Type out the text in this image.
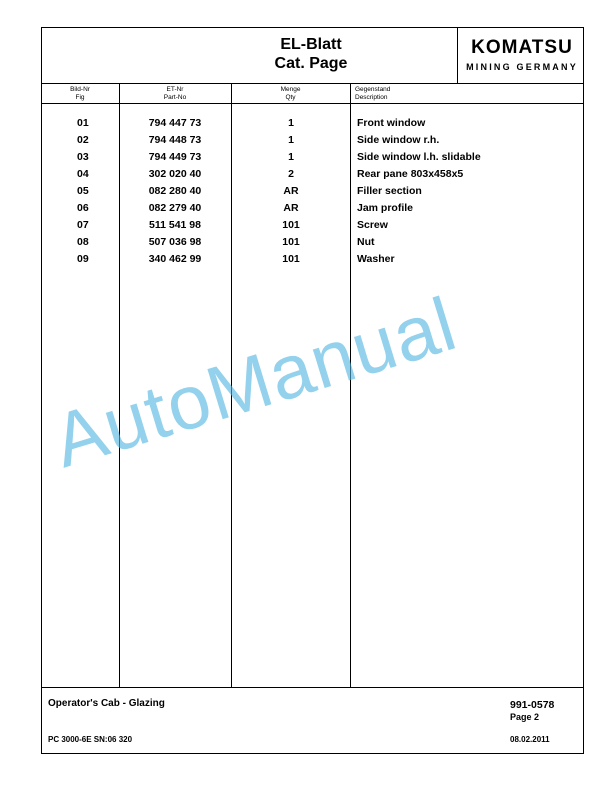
EL-Blatt
Cat. Page
KOMATSU
MINING GERMANY
Bild-Nr
Fig
ET-Nr
Part-No
Menge
Qty
Gegenstand
Description
01	794 447 73	1	Front window
02	794 448 73	1	Side window r.h.
03	794 449 73	1	Side window l.h. slidable
04	302 020 40	2	Rear pane 803x458x5
05	082 280 40	AR	Filler section
06	082 279 40	AR	Jam profile
07	511 541 98	101	Screw
08	507 036 98	101	Nut
09	340 462 99	101	Washer
AutoManual
Operator's Cab - Glazing	991-0578
Page 2
PC 3000-6E SN:06 320	08.02.2011
